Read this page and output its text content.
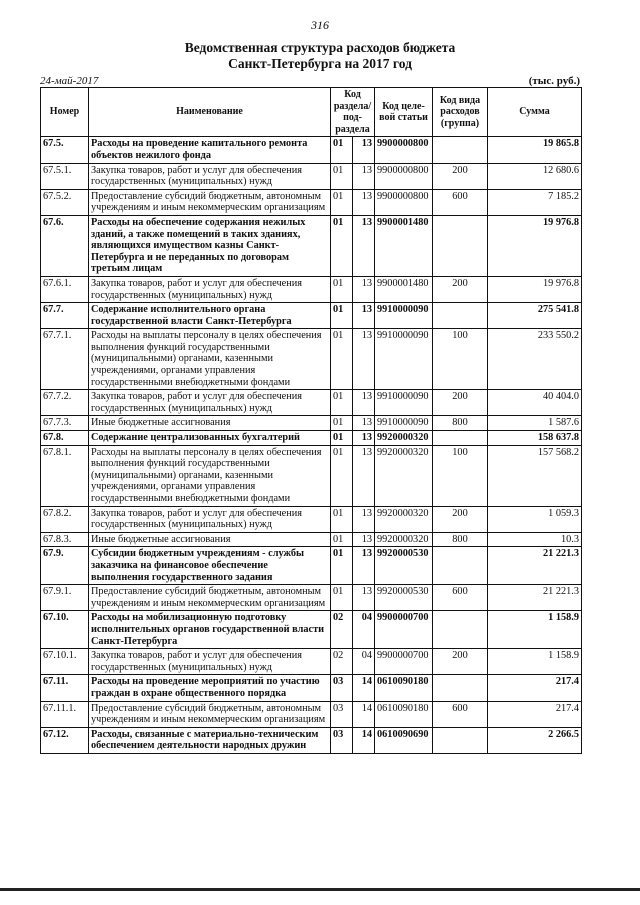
316
Ведомственная структура расходов бюджета
Санкт-Петербурга на 2017 год
24-май-2017	(тыс. руб.)
Номер	Наименование	Код раздела/ под-раздела		Код целе-вой статьи	Код вида расходов (группа)	Сумма
67.5.	Расходы на проведение капитального ремонта объектов нежилого фонда	01	13	9900000800		19 865.8
67.5.1.	Закупка товаров, работ и услуг для обеспечения государственных (муниципальных) нужд	01	13	9900000800	200	12 680.6
67.5.2.	Предоставление субсидий бюджетным, автономным учреждениям и иным некоммерческим организациям	01	13	9900000800	600	7 185.2
67.6.	Расходы на обеспечение содержания нежилых зданий, а также помещений в таких зданиях, являющихся имуществом казны Санкт-Петербурга и не переданных по договорам третьим лицам	01	13	9900001480		19 976.8
67.6.1.	Закупка товаров, работ и услуг для обеспечения государственных (муниципальных) нужд	01	13	9900001480	200	19 976.8
67.7.	Содержание исполнительного органа государственной власти Санкт-Петербурга	01	13	9910000090		275 541.8
67.7.1.	Расходы на выплаты персоналу в целях обеспечения выполнения функций государственными (муниципальными) органами, казенными учреждениями, органами управления государственными внебюджетными фондами	01	13	9910000090	100	233 550.2
67.7.2.	Закупка товаров, работ и услуг для обеспечения государственных (муниципальных) нужд	01	13	9910000090	200	40 404.0
67.7.3.	Иные бюджетные ассигнования	01	13	9910000090	800	1 587.6
67.8.	Содержание централизованных бухгалтерий	01	13	9920000320		158 637.8
67.8.1.	Расходы на выплаты персоналу в целях обеспечения выполнения функций государственными (муниципальными) органами, казенными учреждениями, органами управления государственными внебюджетными фондами	01	13	9920000320	100	157 568.2
67.8.2.	Закупка товаров, работ и услуг для обеспечения государственных (муниципальных) нужд	01	13	9920000320	200	1 059.3
67.8.3.	Иные бюджетные ассигнования	01	13	9920000320	800	10.3
67.9.	Субсидии бюджетным учреждениям - службы заказчика на финансовое обеспечение выполнения государственного задания	01	13	9920000530		21 221.3
67.9.1.	Предоставление субсидий бюджетным, автономным учреждениям и иным некоммерческим организациям	01	13	9920000530	600	21 221.3
67.10.	Расходы на мобилизационную подготовку исполнительных органов государственной власти Санкт-Петербурга	02	04	9900000700		1 158.9
67.10.1.	Закупка товаров, работ и услуг для обеспечения государственных (муниципальных) нужд	02	04	9900000700	200	1 158.9
67.11.	Расходы на проведение мероприятий по участию граждан в охране общественного порядка	03	14	0610090180		217.4
67.11.1.	Предоставление субсидий бюджетным, автономным учреждениям и иным некоммерческим организациям	03	14	0610090180	600	217.4
67.12.	Расходы, связанные с материально-техническим обеспечением деятельности народных дружин	03	14	0610090690		2 266.5
